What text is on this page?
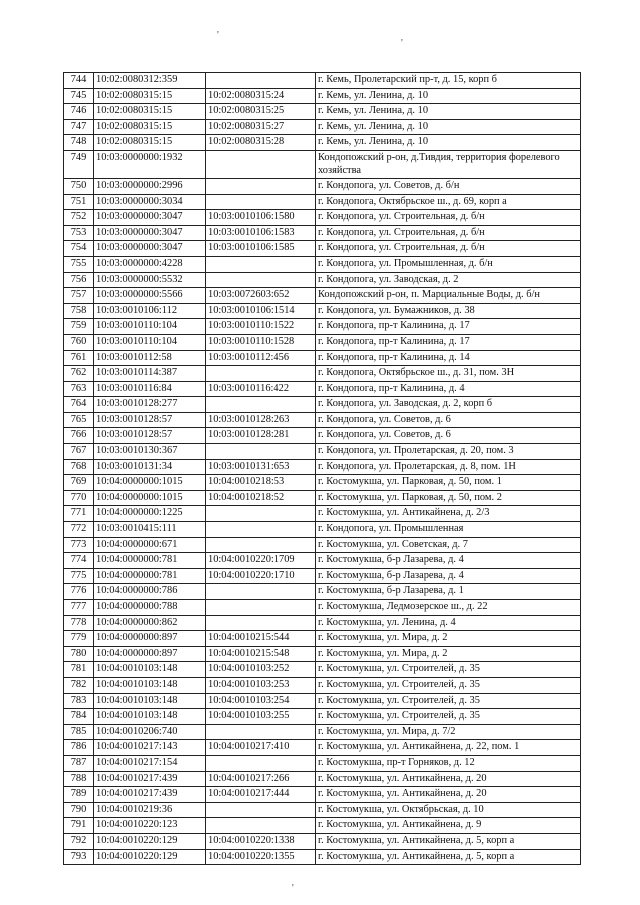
'
'
'
744	10:02:0080312:359		г. Кемь, Пролетарский пр-т, д. 15, корп б
745	10:02:0080315:15	10:02:0080315:24	г. Кемь, ул. Ленина, д. 10
746	10:02:0080315:15	10:02:0080315:25	г. Кемь, ул. Ленина, д. 10
747	10:02:0080315:15	10:02:0080315:27	г. Кемь, ул. Ленина, д. 10
748	10:02:0080315:15	10:02:0080315:28	г. Кемь, ул. Ленина, д. 10
749	10:03:0000000:1932		Кондопожский р-он, д.Тивдия, территория форелевого хозяйства
750	10:03:0000000:2996		г. Кондопога, ул. Советов, д. б/н
751	10:03:0000000:3034		г. Кондопога, Октябрьское ш., д. 69, корп а
752	10:03:0000000:3047	10:03:0010106:1580	г. Кондопога, ул. Строительная, д. б/н
753	10:03:0000000:3047	10:03:0010106:1583	г. Кондопога, ул. Строительная, д. б/н
754	10:03:0000000:3047	10:03:0010106:1585	г. Кондопога, ул. Строительная, д. б/н
755	10:03:0000000:4228		г. Кондопога, ул. Промышленная, д. б/н
756	10:03:0000000:5532		г. Кондопога, ул. Заводская, д. 2
757	10:03:0000000:5566	10:03:0072603:652	Кондопожский р-он, п. Марциальные Воды, д. б/н
758	10:03:0010106:112	10:03:0010106:1514	г. Кондопога, ул. Бумажников, д. 38
759	10:03:0010110:104	10:03:0010110:1522	г. Кондопога, пр-т Калинина, д. 17
760	10:03:0010110:104	10:03:0010110:1528	г. Кондопога, пр-т Калинина, д. 17
761	10:03:0010112:58	10:03:0010112:456	г. Кондопога, пр-т Калинина, д. 14
762	10:03:0010114:387		г. Кондопога, Октябрьское ш., д. 31, пом. 3Н
763	10:03:0010116:84	10:03:0010116:422	г. Кондопога, пр-т Калинина, д. 4
764	10:03:0010128:277		г. Кондопога, ул. Заводская, д. 2, корп б
765	10:03:0010128:57	10:03:0010128:263	г. Кондопога, ул. Советов, д. 6
766	10:03:0010128:57	10:03:0010128:281	г. Кондопога, ул. Советов, д. 6
767	10:03:0010130:367		г. Кондопога, ул. Пролетарская, д. 20, пом. 3
768	10:03:0010131:34	10:03:0010131:653	г. Кондопога, ул. Пролетарская, д. 8, пом. 1Н
769	10:04:0000000:1015	10:04:0010218:53	г. Костомукша, ул. Парковая, д. 50, пом. 1
770	10:04:0000000:1015	10:04:0010218:52	г. Костомукша, ул. Парковая, д. 50, пом. 2
771	10:04:0000000:1225		г. Костомукша, ул. Антикайнена, д. 2/3
772	10:03:0010415:111		г. Кондопога, ул. Промышленная
773	10:04:0000000:671		г. Костомукша, ул. Советская, д. 7
774	10:04:0000000:781	10:04:0010220:1709	г. Костомукша, б-р Лазарева, д. 4
775	10:04:0000000:781	10:04:0010220:1710	г. Костомукша, б-р Лазарева, д. 4
776	10:04:0000000:786		г. Костомукша, б-р Лазарева, д. 1
777	10:04:0000000:788		г. Костомукша, Ледмозерское ш., д. 22
778	10:04:0000000:862		г. Костомукша, ул. Ленина, д. 4
779	10:04:0000000:897	10:04:0010215:544	г. Костомукша, ул. Мира, д. 2
780	10:04:0000000:897	10:04:0010215:548	г. Костомукша, ул. Мира, д. 2
781	10:04:0010103:148	10:04:0010103:252	г. Костомукша, ул. Строителей, д. 35
782	10:04:0010103:148	10:04:0010103:253	г. Костомукша, ул. Строителей, д. 35
783	10:04:0010103:148	10:04:0010103:254	г. Костомукша, ул. Строителей, д. 35
784	10:04:0010103:148	10:04:0010103:255	г. Костомукша, ул. Строителей, д. 35
785	10:04:0010206:740		г. Костомукша, ул. Мира, д. 7/2
786	10:04:0010217:143	10:04:0010217:410	г. Костомукша, ул. Антикайнена, д. 22, пом. 1
787	10:04:0010217:154		г. Костомукша, пр-т Горняков, д. 12
788	10:04:0010217:439	10:04:0010217:266	г. Костомукша, ул. Антикайнена, д. 20
789	10:04:0010217:439	10:04:0010217:444	г. Костомукша, ул. Антикайнена, д. 20
790	10:04:0010219:36		г. Костомукша, ул. Октябрьская, д. 10
791	10:04:0010220:123		г. Костомукша, ул. Антикайнена, д. 9
792	10:04:0010220:129	10:04:0010220:1338	г. Костомукша, ул. Антикайнена, д. 5, корп а
793	10:04:0010220:129	10:04:0010220:1355	г. Костомукша, ул. Антикайнена, д. 5, корп а
